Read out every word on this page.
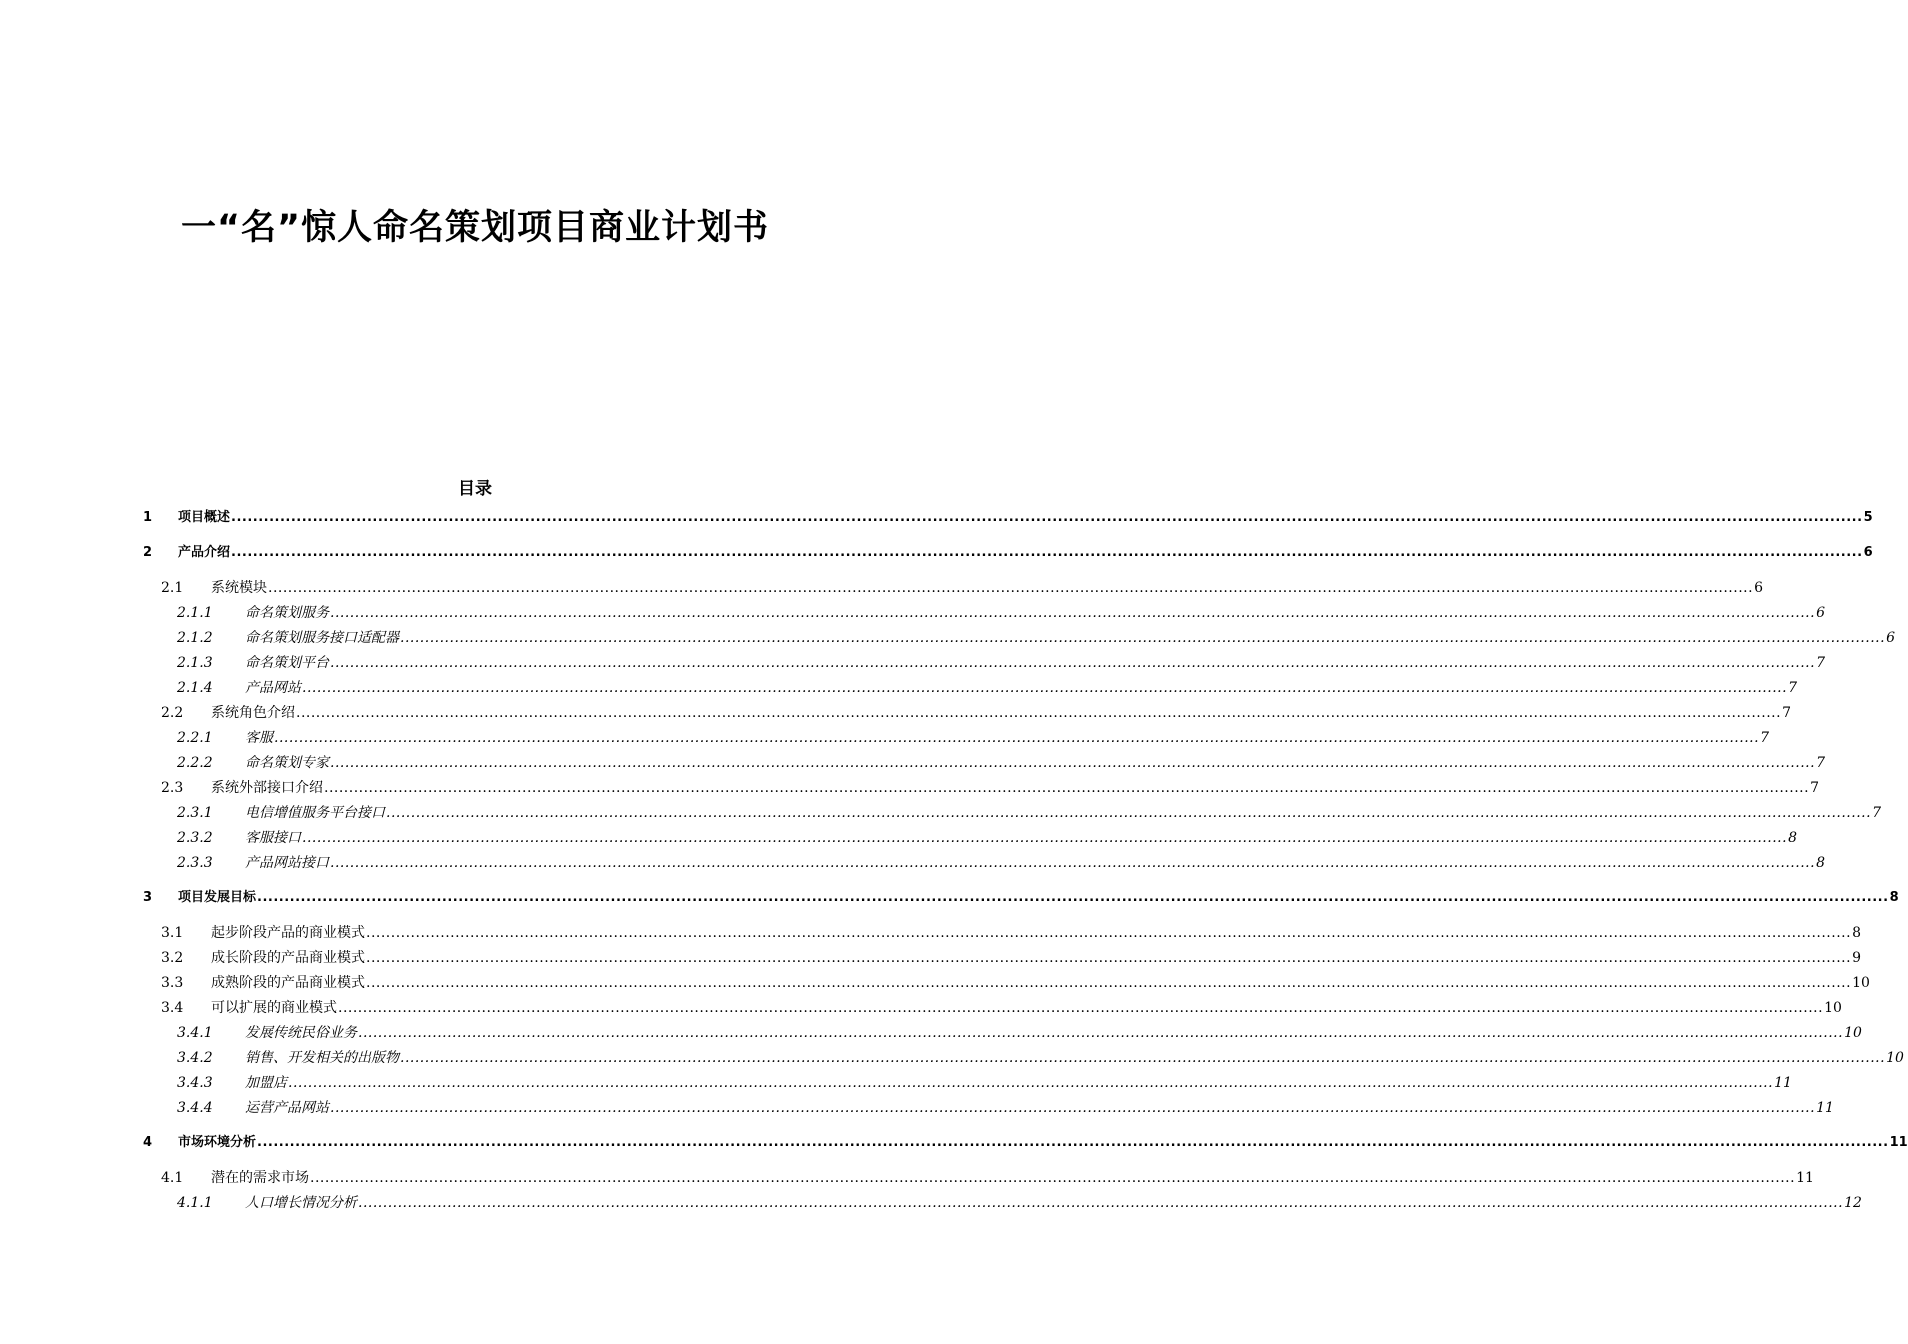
一“名”惊人命名策划项目商业计划书
目录
1 项目概述 ............................................................................................................................................................................................................................................................................................................ 5
2 产品介绍 ............................................................................................................................................................................................................................................................................................................ 6
2.1 系统模块 ............................................................................................................................................................................................................................................................................................................ 6
2.1.1 命名策划服务 ............................................................................................................................................................................................................................................................................................................ 6
2.1.2 命名策划服务接口适配器 ............................................................................................................................................................................................................................................................................................................ 6
2.1.3 命名策划平台 ............................................................................................................................................................................................................................................................................................................ 7
2.1.4 产品网站 ............................................................................................................................................................................................................................................................................................................ 7
2.2 系统角色介绍 ............................................................................................................................................................................................................................................................................................................ 7
2.2.1 客服 ............................................................................................................................................................................................................................................................................................................ 7
2.2.2 命名策划专家 ............................................................................................................................................................................................................................................................................................................ 7
2.3 系统外部接口介绍 ............................................................................................................................................................................................................................................................................................................ 7
2.3.1 电信增值服务平台接口 ............................................................................................................................................................................................................................................................................................................ 7
2.3.2 客服接口 ............................................................................................................................................................................................................................................................................................................ 8
2.3.3 产品网站接口 ............................................................................................................................................................................................................................................................................................................ 8
3 项目发展目标 ............................................................................................................................................................................................................................................................................................................ 8
3.1 起步阶段产品的商业模式 ............................................................................................................................................................................................................................................................................................................ 8
3.2 成长阶段的产品商业模式 ............................................................................................................................................................................................................................................................................................................ 9
3.3 成熟阶段的产品商业模式 ............................................................................................................................................................................................................................................................................................................ 10
3.4 可以扩展的商业模式 ............................................................................................................................................................................................................................................................................................................ 10
3.4.1 发展传统民俗业务 ............................................................................................................................................................................................................................................................................................................ 10
3.4.2 销售、开发相关的出版物 ............................................................................................................................................................................................................................................................................................................ 10
3.4.3 加盟店 ............................................................................................................................................................................................................................................................................................................ 11
3.4.4 运营产品网站 ............................................................................................................................................................................................................................................................................................................ 11
4 市场环境分析 ............................................................................................................................................................................................................................................................................................................ 11
4.1 潜在的需求市场 ............................................................................................................................................................................................................................................................................................................ 11
4.1.1 人口增长情况分析 ............................................................................................................................................................................................................................................................................................................ 12
